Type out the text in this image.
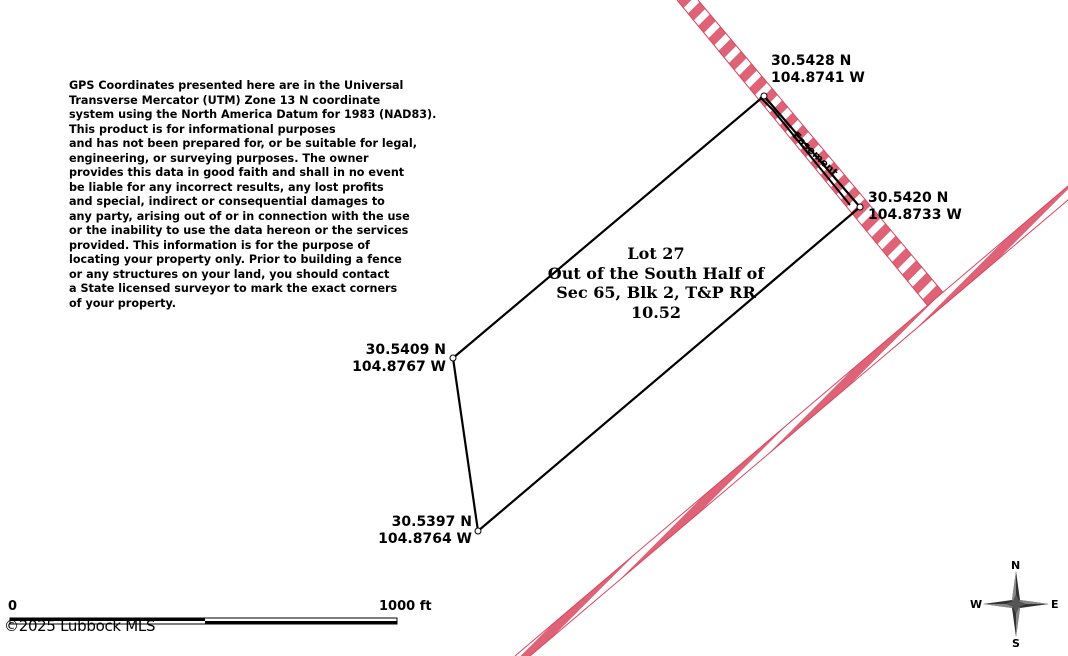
GPS Coordinates presented here are in the Universal
Transverse Mercator (UTM) Zone 13 N coordinate
system using the North America Datum for 1983 (NAD83).
This product is for informational purposes
and has not been prepared for, or be suitable for legal,
engineering, or surveying purposes. The owner
provides this data in good faith and shall in no event
be liable for any incorrect results, any lost profits
and special, indirect or consequential damages to
any party, arising out of or in connection with the use
or the inability to use the data hereon or the services
provided. This information is for the purpose of
locating your property only. Prior to building a fence
or any structures on your land, you should contact
a State licensed surveyor to mark the exact corners
of your property.
Lot 27
Out of the South Half of
Sec 65, Blk 2, T&P RR
10.52
30.5428 N
104.8741 W
30.5420 N
104.8733 W
30.5409 N
104.8767 W
30.5397 N
104.8764 W
Easement
0	1000 ft
©2025 Lubbock MLS
N
S
E
W
